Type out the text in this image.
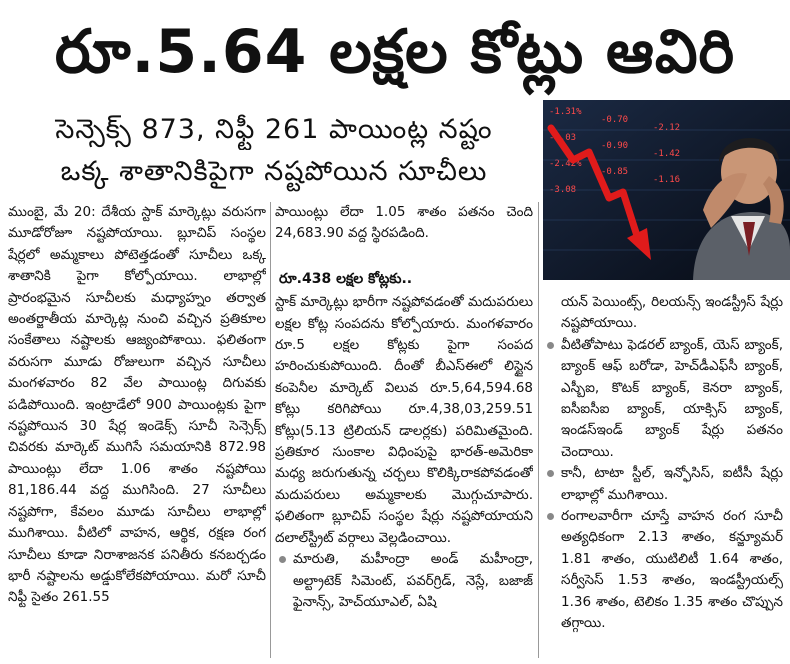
రూ.5.64 లక్షల కోట్లు ఆవిరి
సెన్సెక్స్ 873, నిఫ్టీ 261 పాయింట్ల నష్టం
ఒక్క శాతానికిపైగా నష్టపోయిన సూచీలు
-1.31%
-0.70
-2.12
-1.03
-0.90
-1.42
-2.42%
-0.85
-1.16
-3.08

ముంబై, మే 20: దేశీయ స్టాక్ మార్కెట్లు వరుసగా మూడోరోజూ నష్టపోయాయి. బ్లూచిప్ సంస్థల షేర్లలో అమ్మకాలు పోటెత్తడంతో సూచీలు ఒక్క శాతానికి పైగా కోల్పోయాయి. లాభాల్లో ప్రారంభమైన సూచీలకు మధ్యాహ్నం తర్వాత అంతర్జాతీయ మార్కెట్ల నుంచి వచ్చిన ప్రతికూల సంకేతాలు నష్టాలకు ఆజ్యంపోశాయి. ఫలితంగా వరుసగా మూడు రోజులుగా వచ్చిన సూచీలు మంగళవారం 82 వేల పాయింట్ల దిగువకు పడిపోయింది. ఇంట్రాడేలో 900 పాయింట్లకు పైగా నష్టపోయిన 30 షేర్ల ఇండెక్స్ సూచీ సెన్సెక్స్ చివరకు మార్కెట్ ముగిసే సమయానికి 872.98 పాయింట్లు లేదా 1.06 శాతం నష్టపోయి 81,186.44 వద్ద ముగిసింది. 27 సూచీలు నష్టపోగా, కేవలం మూడు సూచీలు లాభాల్లో ముగిశాయి. వీటిలో వాహన, ఆర్థిక, రక్షణ రంగ సూచీలు కూడా నిరాశాజనక పనితీరు కనబర్చడం భారీ నష్టాలను అడ్డుకోలేకపోయాయి. మరో సూచీ నిఫ్టీ సైతం 261.55

పాయింట్లు లేదా 1.05 శాతం పతనం చెంది 24,683.90 వద్ద స్థిరపడింది.

రూ.438 లక్షల కోట్లకు..

స్టాక్ మార్కెట్లు భారీగా నష్టపోవడంతో మదుపరులు లక్షల కోట్ల సంపదను కోల్పోయారు. మంగళవారం రూ.5 లక్షల కోట్లకు పైగా సంపద హరించుకుపోయింది. దీంతో బీఎస్ఈలో లిస్టైన కంపెనీల మార్కెట్ విలువ రూ.5,64,594.68 కోట్లు కరిగిపోయి రూ.4,38,03,259.51 కోట్లు(5.13 ట్రిలియన్ డాలర్లకు) పరిమితమైంది. ప్రతికూర సుంకాల విధింపుపై భారత్-అమెరికా మధ్య జరుగుతున్న చర్చలు కొలిక్కిరాకపోవడంతో మదుపరులు అమ్మకాలకు మొగ్గుచూపారు. ఫలితంగా బ్లూచిప్ సంస్థల షేర్లు నష్టపోయాయని దలాల్‌స్ట్రీట్ వర్గాలు వెల్లడించాయి.

మారుతి, మహీంద్రా అండ్ మహీంద్రా, అల్ట్రాటెక్ సిమెంట్, పవర్‌గ్రిడ్, నెస్లే, బజాజ్ ఫైనాన్స్, హెచ్‌యూఎల్, ఏషి

యన్ పెయింట్స్, రిలయన్స్ ఇండస్ట్రీస్ షేర్లు నష్టపోయాయి.

వీటితోపాటు ఫెడరల్ బ్యాంక్, యెస్ బ్యాంక్, బ్యాంక్ ఆఫ్ బరోడా, హెచ్‌డీఎఫ్‌సీ బ్యాంక్, ఎస్బీఐ, కొటక్ బ్యాంక్, కెనరా బ్యాంక్, ఐసీఐసీఐ బ్యాంక్, యాక్సిస్ బ్యాంక్, ఇండస్ఇండ్ బ్యాంక్ షేర్లు పతనం చెందాయి.

కానీ, టాటా స్టీల్, ఇన్ఫోసిస్, ఐటీసీ షేర్లు లాభాల్లో ముగిశాయి.

రంగాలవారీగా చూస్తే వాహన రంగ సూచీ అత్యధికంగా 2.13 శాతం, కన్జ్యూమర్ 1.81 శాతం, యుటిలిటీ 1.64 శాతం, సర్వీసెస్ 1.53 శాతం, ఇండస్ట్రీయల్స్ 1.36 శాతం, టెలికం 1.35 శాతం చొప్పున తగ్గాయి.
